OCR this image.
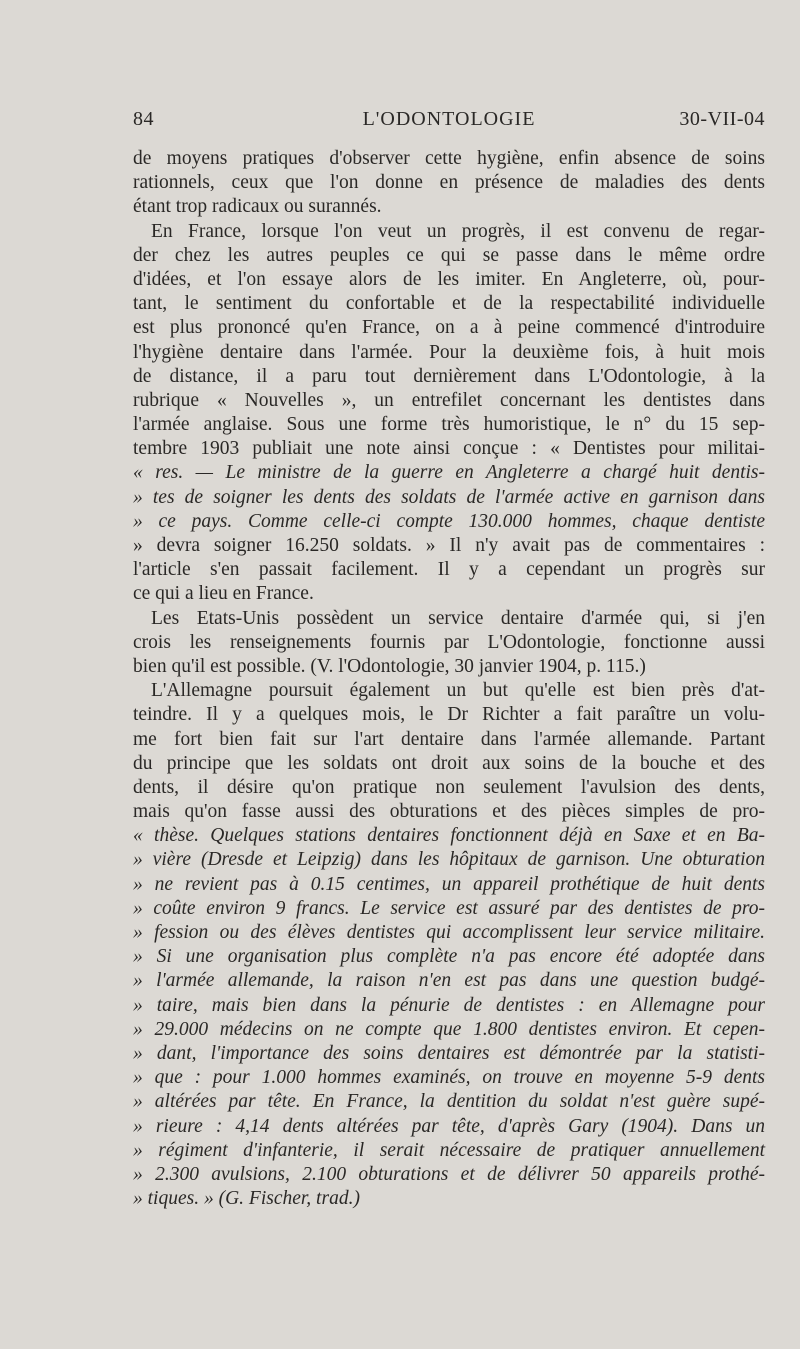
84	L'ODONTOLOGIE	30-VII-04
de moyens pratiques d'observer cette hygiène, enfin absence de soins
rationnels, ceux que l'on donne en présence de maladies des dents
étant trop radicaux ou surannés.
En France, lorsque l'on veut un progrès, il est convenu de regar-
der chez les autres peuples ce qui se passe dans le même ordre
d'idées, et l'on essaye alors de les imiter. En Angleterre, où, pour-
tant, le sentiment du confortable et de la respectabilité individuelle
est plus prononcé qu'en France, on a à peine commencé d'introduire
l'hygiène dentaire dans l'armée. Pour la deuxième fois, à huit mois
de distance, il a paru tout dernièrement dans L'Odontologie, à la
rubrique « Nouvelles », un entrefilet concernant les dentistes dans
l'armée anglaise. Sous une forme très humoristique, le n° du 15 sep-
tembre 1903 publiait une note ainsi conçue : « Dentistes pour militai-
« res. — Le ministre de la guerre en Angleterre a chargé huit dentis-
» tes de soigner les dents des soldats de l'armée active en garnison dans
» ce pays. Comme celle-ci compte 130.000 hommes, chaque dentiste
» devra soigner 16.250 soldats. » Il n'y avait pas de commentaires :
l'article s'en passait facilement. Il y a cependant un progrès sur
ce qui a lieu en France.
Les Etats-Unis possèdent un service dentaire d'armée qui, si j'en
crois les renseignements fournis par L'Odontologie, fonctionne aussi
bien qu'il est possible. (V. l'Odontologie, 30 janvier 1904, p. 115.)
L'Allemagne poursuit également un but qu'elle est bien près d'at-
teindre. Il y a quelques mois, le Dr Richter a fait paraître un volu-
me fort bien fait sur l'art dentaire dans l'armée allemande. Partant
du principe que les soldats ont droit aux soins de la bouche et des
dents, il désire qu'on pratique non seulement l'avulsion des dents,
mais qu'on fasse aussi des obturations et des pièces simples de pro-
« thèse. Quelques stations dentaires fonctionnent déjà en Saxe et en Ba-
» vière (Dresde et Leipzig) dans les hôpitaux de garnison. Une obturation
» ne revient pas à 0.15 centimes, un appareil prothétique de huit dents
» coûte environ 9 francs. Le service est assuré par des dentistes de pro-
» fession ou des élèves dentistes qui accomplissent leur service militaire.
» Si une organisation plus complète n'a pas encore été adoptée dans
» l'armée allemande, la raison n'en est pas dans une question budgé-
» taire, mais bien dans la pénurie de dentistes : en Allemagne pour
» 29.000 médecins on ne compte que 1.800 dentistes environ. Et cepen-
» dant, l'importance des soins dentaires est démontrée par la statisti-
» que : pour 1.000 hommes examinés, on trouve en moyenne 5-9 dents
» altérées par tête. En France, la dentition du soldat n'est guère supé-
» rieure : 4,14 dents altérées par tête, d'après Gary (1904). Dans un
» régiment d'infanterie, il serait nécessaire de pratiquer annuellement
» 2.300 avulsions, 2.100 obturations et de délivrer 50 appareils prothé-
» tiques. » (G. Fischer, trad.)
